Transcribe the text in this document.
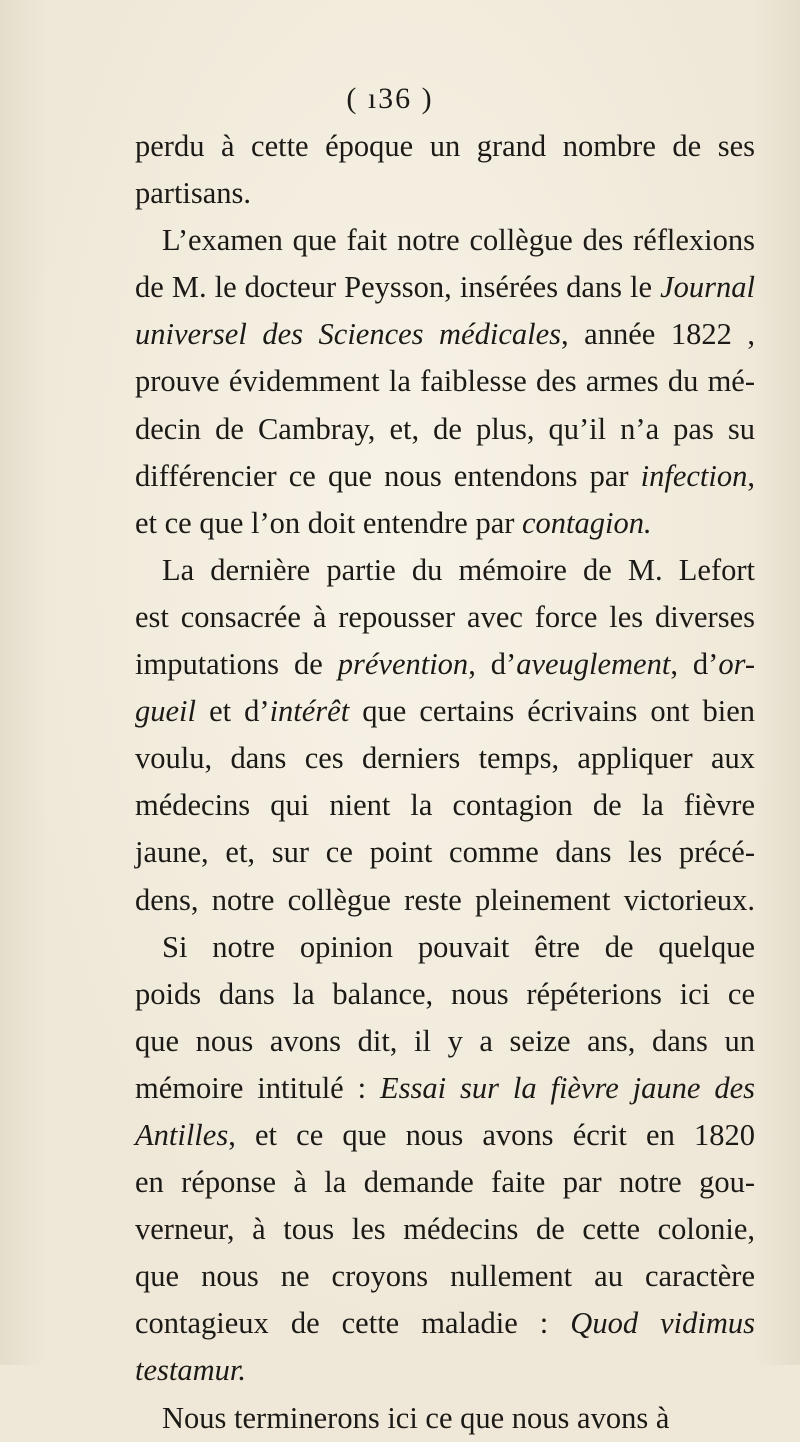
( ı36 )
perdu à cette époque un grand nombre de ses
partisans.
L’examen que fait notre collègue des réflexions
de M. le docteur Peysson, insérées dans le Journal
universel des Sciences médicales, année 1822 ,
prouve évidemment la faiblesse des armes du mé-
decin de Cambray, et, de plus, qu’il n’a pas su
différencier ce que nous entendons par infection,
et ce que l’on doit entendre par contagion.
La dernière partie du mémoire de M. Lefort
est consacrée à repousser avec force les diverses
imputations de prévention, d’aveuglement, d’or-
gueil et d’intérêt que certains écrivains ont bien
voulu, dans ces derniers temps, appliquer aux
médecins qui nient la contagion de la fièvre
jaune, et, sur ce point comme dans les précé-
dens, notre collègue reste pleinement victorieux.
Si notre opinion pouvait être de quelque
poids dans la balance, nous répéterions ici ce
que nous avons dit, il y a seize ans, dans un
mémoire intitulé : Essai sur la fièvre jaune des
Antilles, et ce que nous avons écrit en 1820
en réponse à la demande faite par notre gou-
verneur, à tous les médecins de cette colonie,
que nous ne croyons nullement au caractère
contagieux de cette maladie : Quod vidimus
testamur.
Nous terminerons ici ce que nous avons à
